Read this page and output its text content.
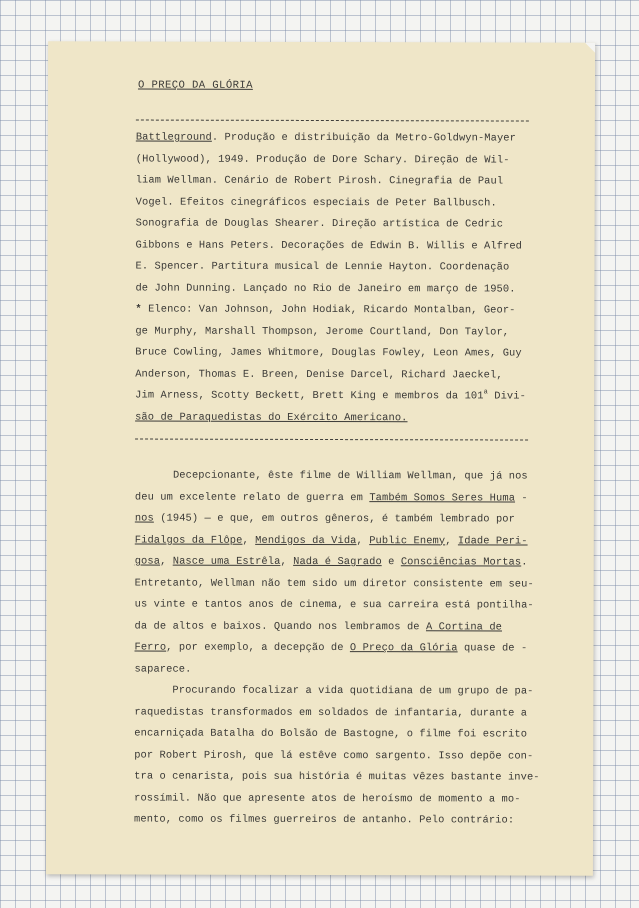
O PREÇO DA GLÓRIA
Battleground. Produção e distribuição da Metro-Goldwyn-Mayer
(Hollywood), 1949. Produção de Dore Schary. Direção de Wil-
liam Wellman. Cenário de Robert Pirosh. Cinegrafia de Paul
Vogel. Efeitos cinegráficos especiais de Peter Ballbusch.
Sonografia de Douglas Shearer. Direção artística de Cedric
Gibbons e Hans Peters. Decorações de Edwin B. Willis e Alfred
E. Spencer. Partitura musical de Lennie Hayton. Coordenação
de John Dunning. Lançado no Rio de Janeiro em março de 1950.
* Elenco: Van Johnson, John Hodiak, Ricardo Montalban, Geor-
ge Murphy, Marshall Thompson, Jerome Courtland, Don Taylor,
Bruce Cowling, James Whitmore, Douglas Fowley, Leon Ames, Guy
Anderson, Thomas E. Breen, Denise Darcel, Richard Jaeckel,
Jim Arness, Scotty Beckett, Brett King e membros da 101$^a$ Divi-
são de Paraquedistas do Exército Americano.
Decepcionante, êste filme de William Wellman, que já nos
deu um excelente relato de guerra em Também Somos Seres Huma -
nos (1945) — e que, em outros gêneros, é também lembrado por
Fidalgos da Flôpe, Mendigos da Vida, Public Enemy, Idade Peri-
gosa, Nasce uma Estrêla, Nada é Sagrado e Consciências Mortas.
Entretanto, Wellman não tem sido um diretor consistente em seu-
us vinte e tantos anos de cinema, e sua carreira está pontilha-
da de altos e baixos. Quando nos lembramos de A Cortina de
Ferro, por exemplo, a decepção de O Preço da Glória quase de -
saparece.
Procurando focalizar a vida quotidiana de um grupo de pa-
raquedistas transformados em soldados de infantaria, durante a
encarniçada Batalha do Bolsão de Bastogne, o filme foi escrito
por Robert Pirosh, que lá estêve como sargento. Isso depõe con-
tra o cenarista, pois sua história é muitas vêzes bastante inve-
rossímil. Não que apresente atos de heroísmo de momento a mo-
mento, como os filmes guerreiros de antanho. Pelo contrário:
